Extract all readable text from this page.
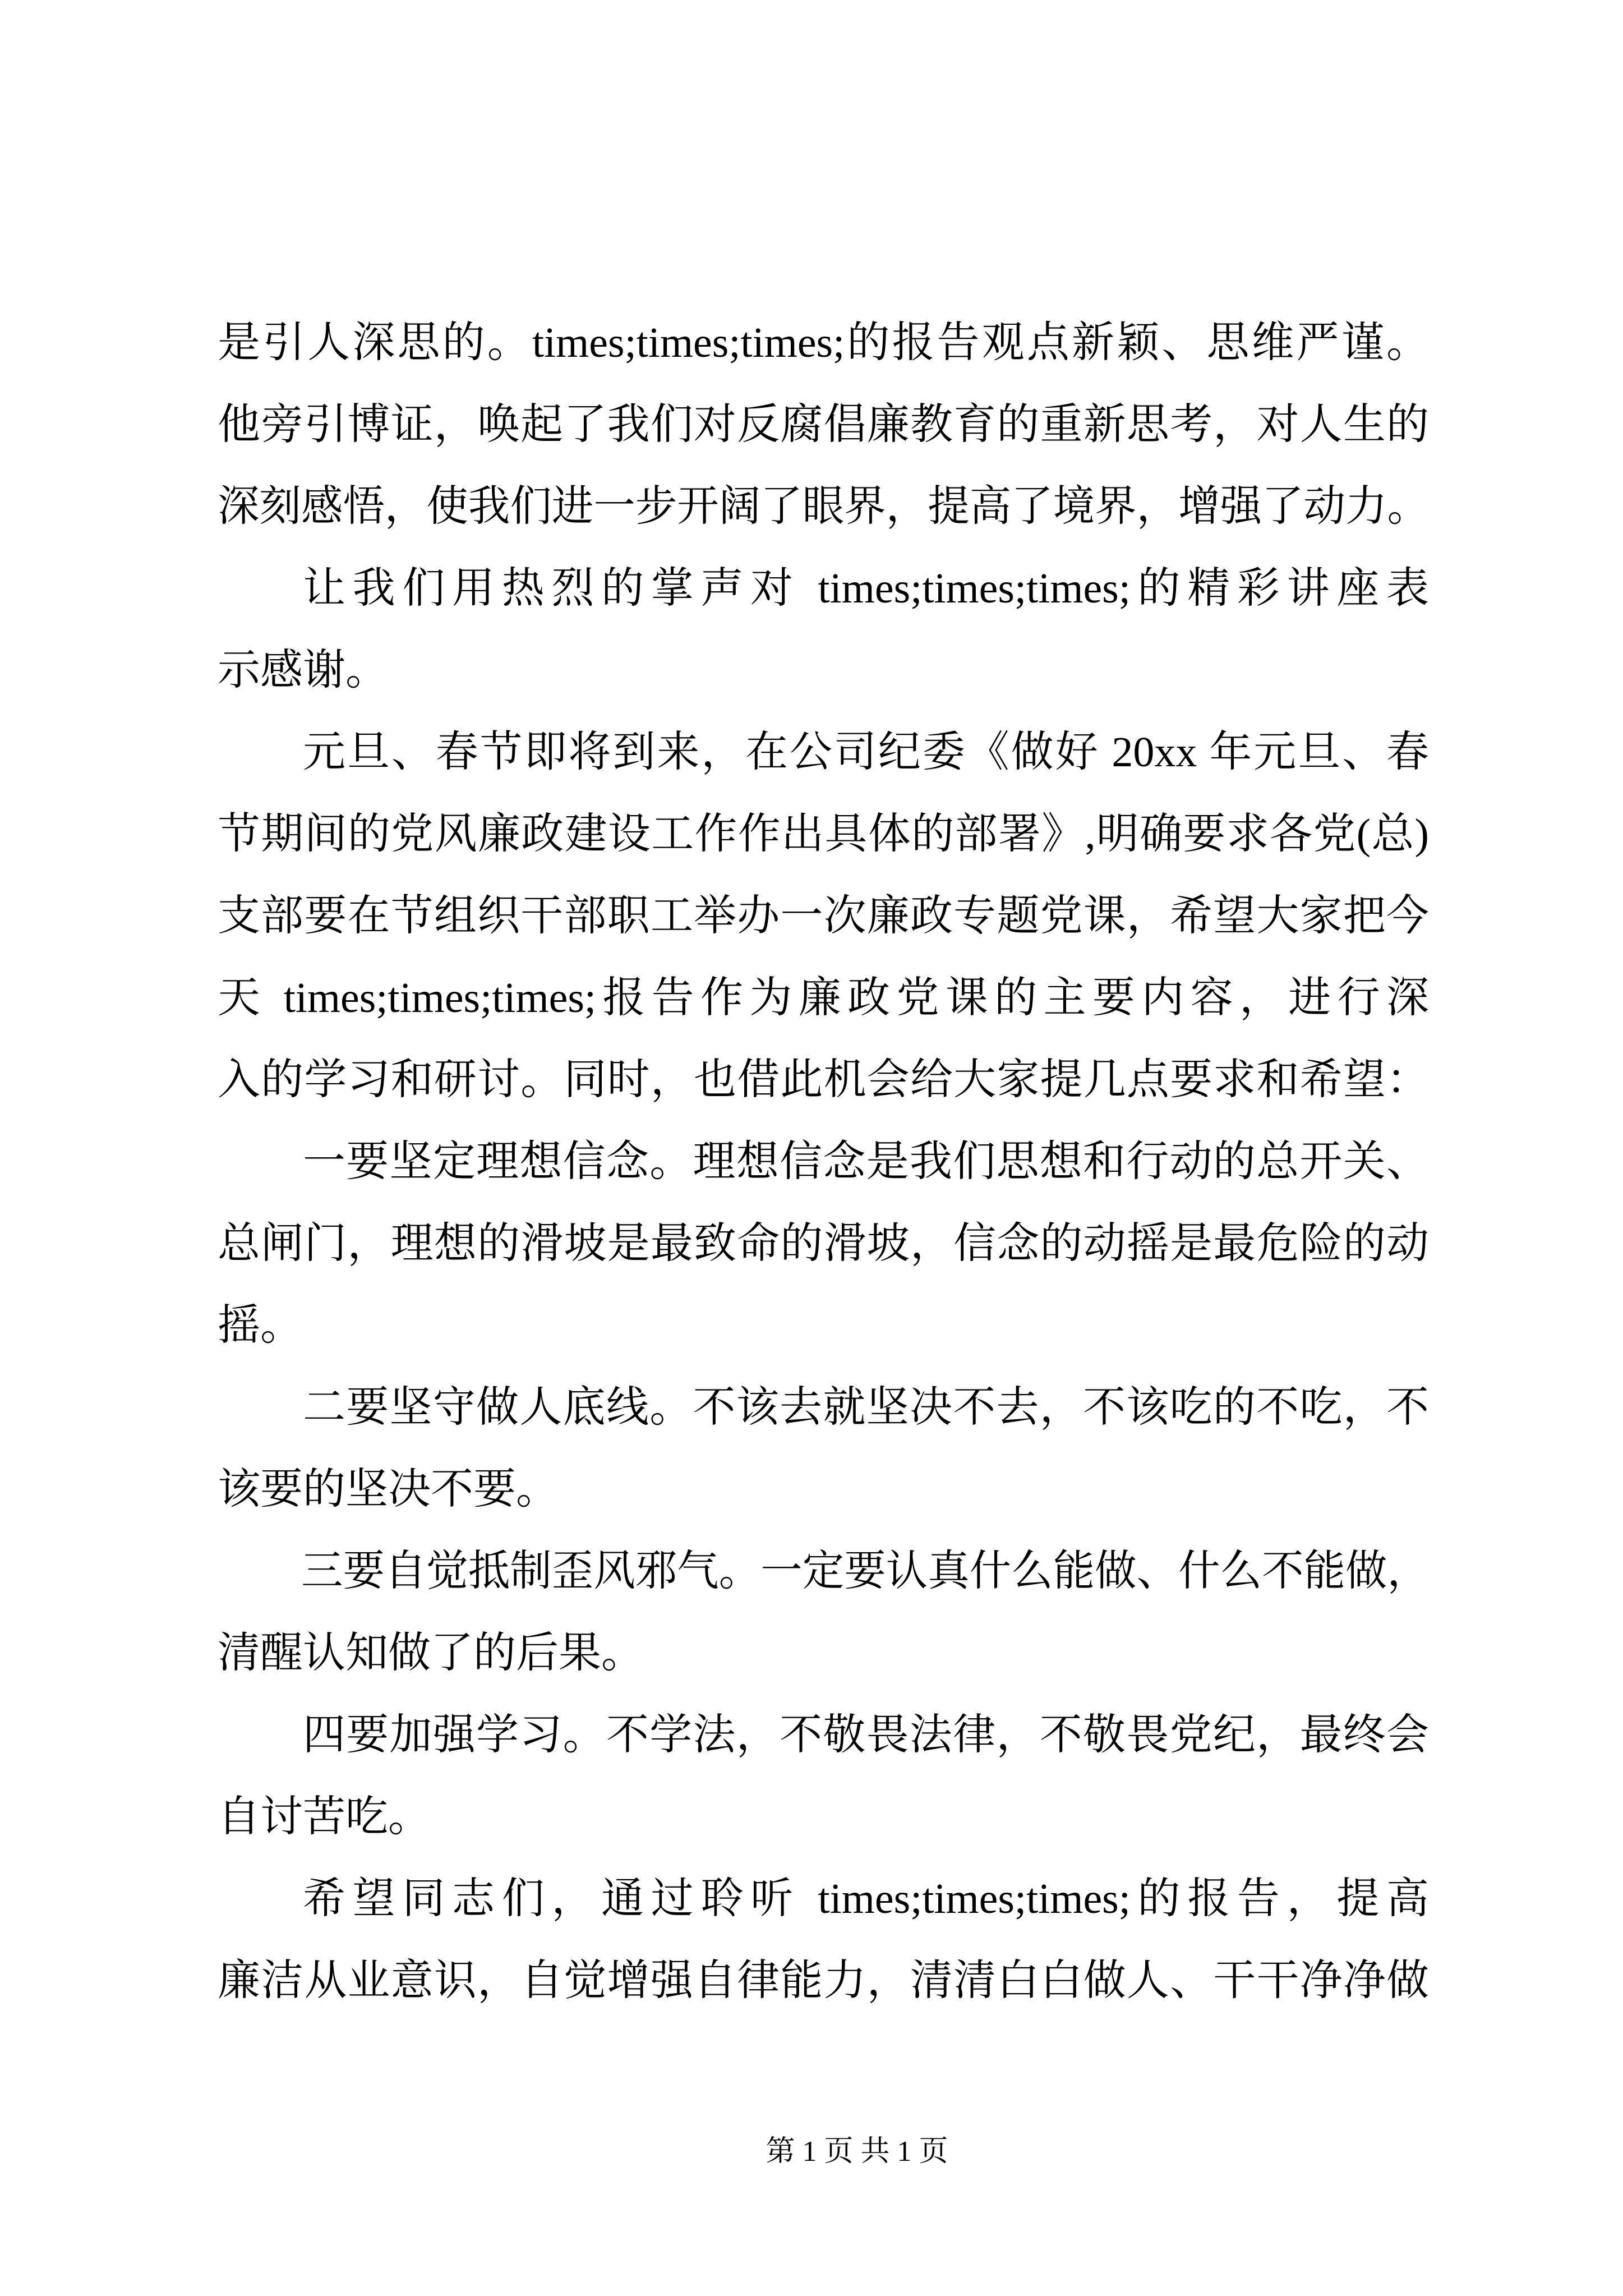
是引人深思的。times;times;times;的报告观点新颖、思维严谨。
他旁引博证，唤起了我们对反腐倡廉教育的重新思考，对人生的
深刻感悟，使我们进一步开阔了眼界，提高了境界，增强了动力。
让我们用热烈的掌声对 times;times;times;的精彩讲座表
示感谢。
元旦、春节即将到来，在公司纪委《做好 20xx 年元旦、春
节期间的党风廉政建设工作作出具体的部署》,明确要求各党(总)
支部要在节组织干部职工举办一次廉政专题党课，希望大家把今
天 times;times;times;报告作为廉政党课的主要内容，进行深
入的学习和研讨。同时，也借此机会给大家提几点要求和希望：
一要坚定理想信念。理想信念是我们思想和行动的总开关、
总闸门，理想的滑坡是最致命的滑坡，信念的动摇是最危险的动
摇。
二要坚守做人底线。不该去就坚决不去，不该吃的不吃，不
该要的坚决不要。
三要自觉抵制歪风邪气。一定要认真什么能做、什么不能做，
清醒认知做了的后果。
四要加强学习。不学法，不敬畏法律，不敬畏党纪，最终会
自讨苦吃。
希望同志们，通过聆听 times;times;times;的报告，提高
廉洁从业意识，自觉增强自律能力，清清白白做人、干干净净做
第 1 页 共 1 页
